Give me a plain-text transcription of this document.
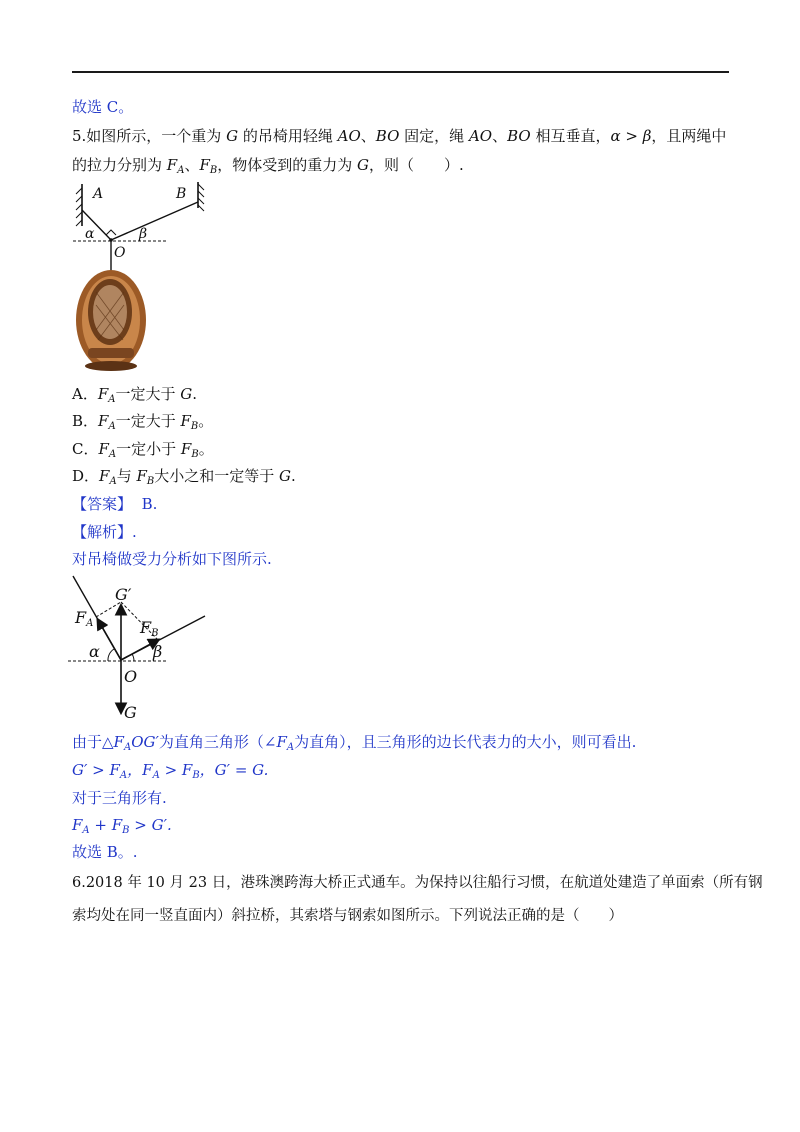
故选 C。
5.如图所示，一个重为 G 的吊椅用轻绳 AO、BO 固定，绳 AO、BO 相互垂直，α > β，且两绳中
的拉力分别为 $F_A$、$F_B$，物体受到的重力为 G，则（　　）.
A	B
α	β
O
A．$F_A$一定大于 G.
B．$F_A$一定大于 $F_B$。
C．$F_A$一定小于 $F_B$。
D．$F_A$与 $F_B$大小之和一定等于 G.
【答案】 B.
【解析】.
对吊椅做受力分析如下图所示.
G′
$F_A$	$F_B$
α	β
O
G
由于$\triangle F_AOG'$为直角三角形（$\angle F_A$为直角），且三角形的边长代表力的大小，则可看出.
$G' > F_A$，$F_A > F_B$，G′ = G.
对于三角形有.
$F_A + F_B > G'$.
故选 B。.
6.2018 年 10 月 23 日，港珠澳跨海大桥正式通车。为保持以往船行习惯，在航道处建造了单面索（所有钢
索均处在同一竖直面内）斜拉桥，其索塔与钢索如图所示。下列说法正确的是（　　）
